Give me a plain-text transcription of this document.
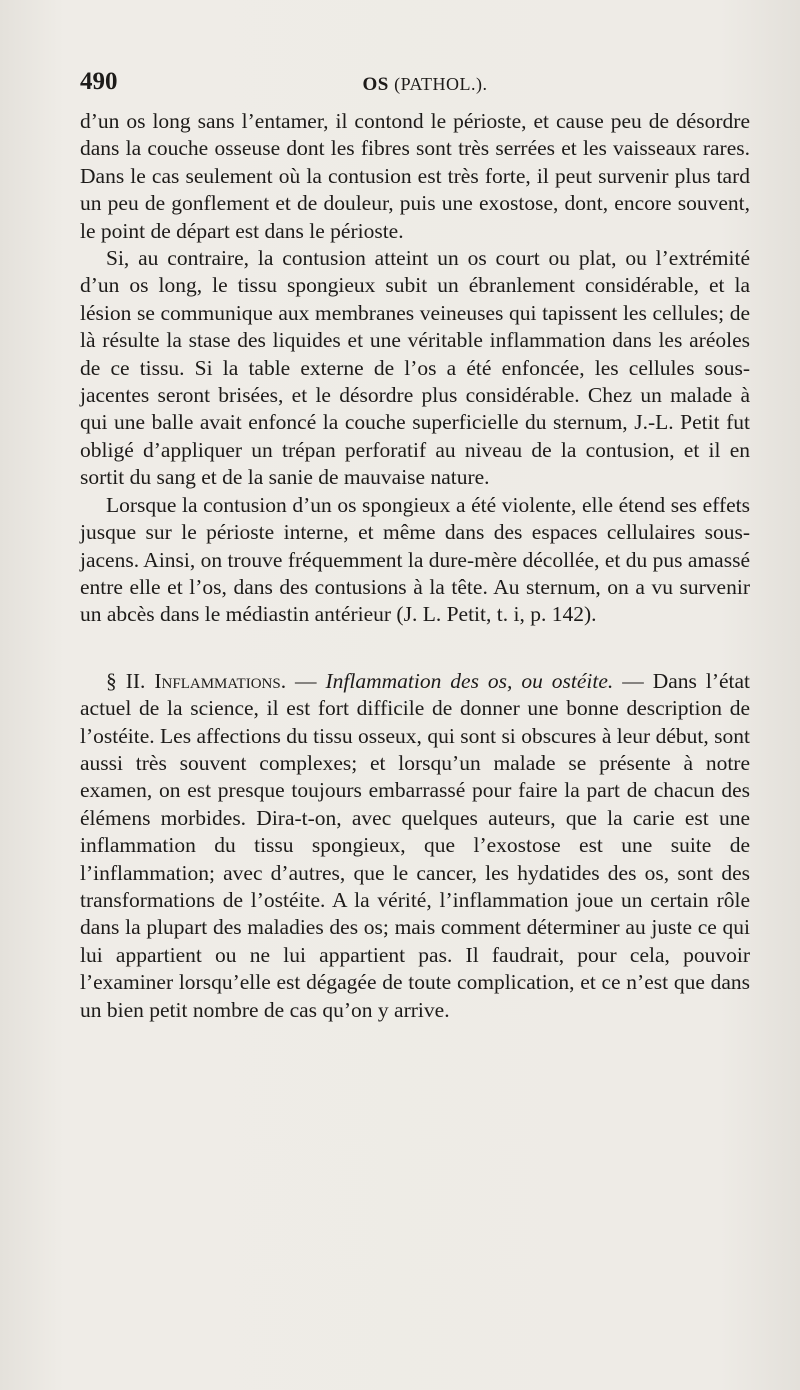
490	OS (PATHOL.).

d’un os long sans l’entamer, il contond le périoste, et cause peu de désordre dans la couche osseuse dont les fibres sont très serrées et les vaisseaux rares. Dans le cas seulement où la contusion est très forte, il peut survenir plus tard un peu de gonflement et de douleur, puis une exostose, dont, encore souvent, le point de départ est dans le périoste.

Si, au contraire, la contusion atteint un os court ou plat, ou l’extrémité d’un os long, le tissu spongieux subit un ébranlement considérable, et la lésion se communique aux membranes veineuses qui tapissent les cellules; de là résulte la stase des liquides et une véritable inflammation dans les aréoles de ce tissu. Si la table externe de l’os a été enfoncée, les cellules sous-jacentes seront brisées, et le désordre plus considérable. Chez un malade à qui une balle avait enfoncé la couche superficielle du sternum, J.-L. Petit fut obligé d’appliquer un trépan perforatif au niveau de la contusion, et il en sortit du sang et de la sanie de mauvaise nature.

Lorsque la contusion d’un os spongieux a été violente, elle étend ses effets jusque sur le périoste interne, et même dans des espaces cellulaires sous-jacens. Ainsi, on trouve fréquemment la dure-mère décollée, et du pus amassé entre elle et l’os, dans des contusions à la tête. Au sternum, on a vu survenir un abcès dans le médiastin antérieur (J. L. Petit, t. i, p. 142).

§ II. Inflammations. — Inflammation des os, ou ostéite. — Dans l’état actuel de la science, il est fort difficile de donner une bonne description de l’ostéite. Les affections du tissu osseux, qui sont si obscures à leur début, sont aussi très souvent complexes; et lorsqu’un malade se présente à notre examen, on est presque toujours embarrassé pour faire la part de chacun des élémens morbides. Dira-t-on, avec quelques auteurs, que la carie est une inflammation du tissu spongieux, que l’exostose est une suite de l’inflammation; avec d’autres, que le cancer, les hydatides des os, sont des transformations de l’ostéite. A la vérité, l’inflammation joue un certain rôle dans la plupart des maladies des os; mais comment déterminer au juste ce qui lui appartient ou ne lui appartient pas. Il faudrait, pour cela, pouvoir l’examiner lorsqu’elle est dégagée de toute complication, et ce n’est que dans un bien petit nombre de cas qu’on y arrive.
